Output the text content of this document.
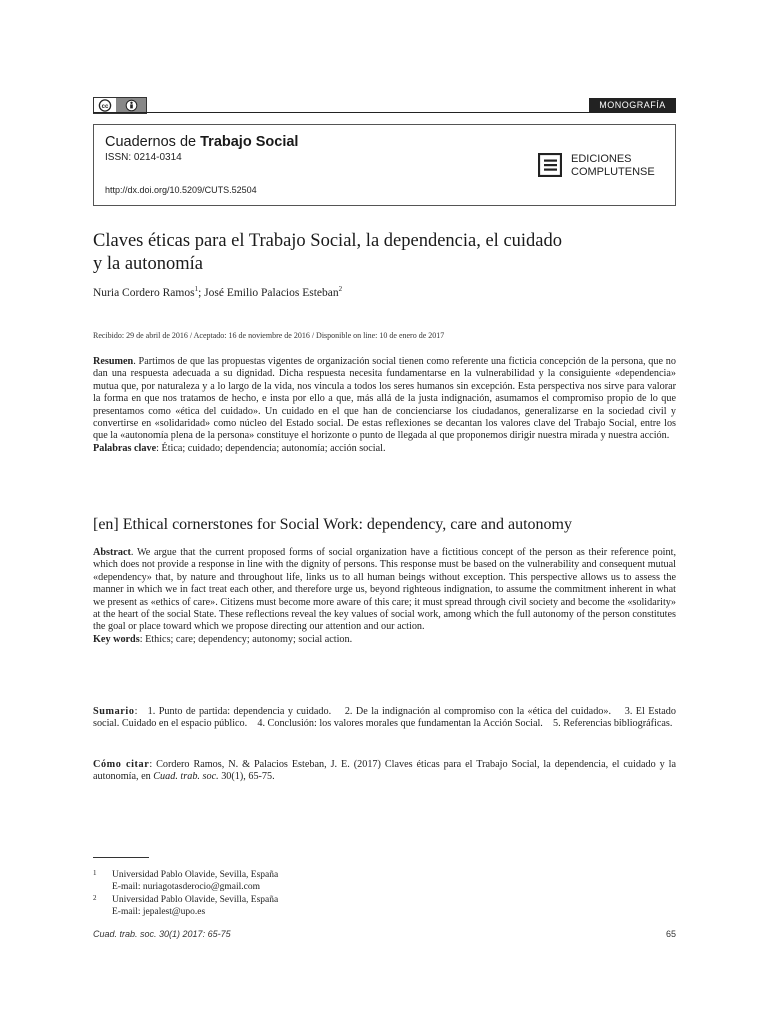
cc	MONOGRAFÍA
Cuadernos de Trabajo Social
ISSN: 0214-0314
http://dx.doi.org/10.5209/CUTS.52504
EDICIONES
COMPLUTENSE
Claves éticas para el Trabajo Social, la dependencia, el cuidado
y la autonomía
Nuria Cordero Ramos$^1$; José Emilio Palacios Esteban$^2$
Recibido: 29 de abril de 2016 / Aceptado: 16 de noviembre de 2016 / Disponible on line: 10 de enero de 2017
Resumen. Partimos de que las propuestas vigentes de organización social tienen como referente una ficticia concepción de la persona, que no dan una respuesta adecuada a su dignidad. Dicha respuesta necesita fundamentarse en la vulnerabilidad y la consiguiente «dependencia» mutua que, por naturaleza y a lo largo de la vida, nos vincula a todos los seres humanos sin excepción. Esta perspectiva nos sirve para valorar la forma en que nos tratamos de hecho, e insta por ello a que, más allá de la justa indignación, asumamos el compromiso propio de lo que presentamos como «ética del cuidado». Un cuidado en el que han de concienciarse los ciudadanos, generalizarse en la sociedad civil y convertirse en «solidaridad» como núcleo del Estado social. De estas reflexiones se decantan los valores clave del Trabajo Social, entre los que la «autonomía plena de la persona» constituye el horizonte o punto de llegada al que proponemos dirigir nuestra mirada y nuestra acción.
Palabras clave: Ética; cuidado; dependencia; autonomía; acción social.
[en] Ethical cornerstones for Social Work: dependency, care and autonomy
Abstract. We argue that the current proposed forms of social organization have a fictitious concept of the person as their reference point, which does not provide a response in line with the dignity of persons. This response must be based on the vulnerability and consequent mutual «dependency» that, by nature and throughout life, links us to all human beings without exception. This perspective allows us to assess the manner in which we in fact treat each other, and therefore urge us, beyond righteous indignation, to assume the commitment inherent in what we present as «ethics of care». Citizens must become more aware of this care; it must spread through civil society and become the «solidarity» at the heart of the social State. These reflections reveal the key values of social work, among which the full autonomy of the person constitutes the goal or place toward which we propose directing our attention and our action.
Key words: Ethics; care; dependency; autonomy; social action.
Sumario:   1. Punto de partida: dependencia y cuidado.    2. De la indignación al compromiso con la «ética del cuidado».    3. El Estado social. Cuidado en el espacio público.    4. Conclusión: los valores morales que fundamentan la Acción Social.    5. Referencias bibliográficas.
Cómo citar: Cordero Ramos, N. & Palacios Esteban, J. E. (2017) Claves éticas para el Trabajo Social, la dependencia, el cuidado y la autonomía, en Cuad. trab. soc. 30(1), 65-75.
1 Universidad Pablo Olavide, Sevilla, España
E-mail: nuriagotasderocio@gmail.com
2 Universidad Pablo Olavide, Sevilla, España
E-mail: jepalest@upo.es
Cuad. trab. soc. 30(1) 2017: 65-75	65
